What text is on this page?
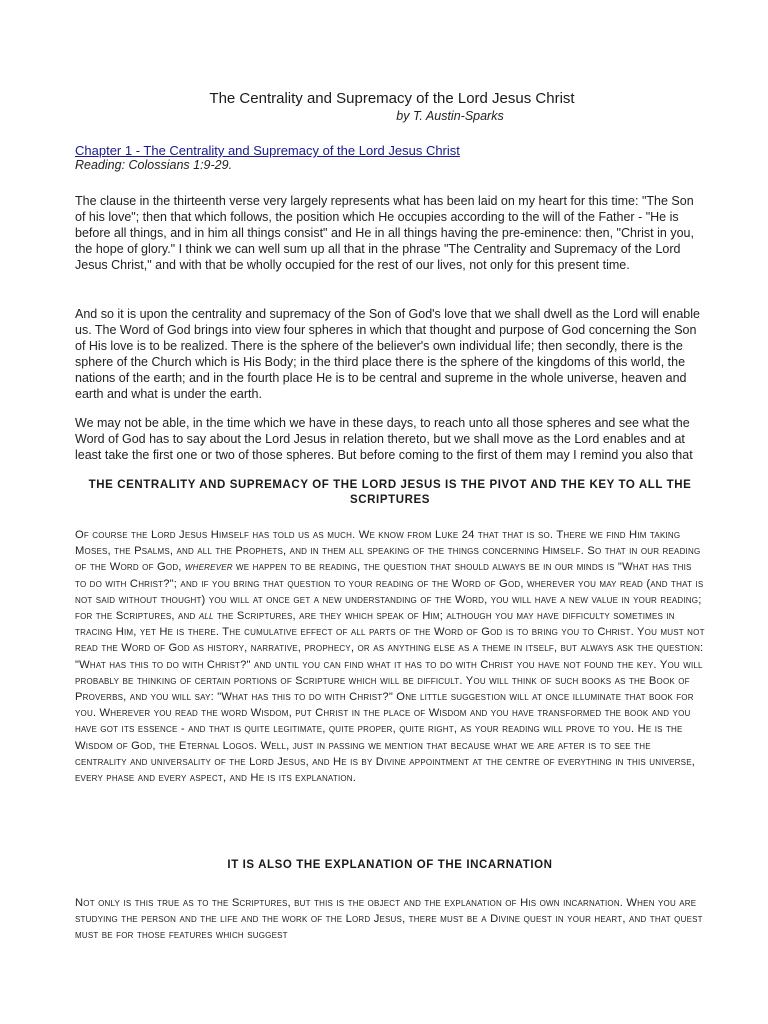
The Centrality and Supremacy of the Lord Jesus Christ
by T. Austin-Sparks
Chapter 1 - The Centrality and Supremacy of the Lord Jesus Christ
Reading: Colossians 1:9-29.

The clause in the thirteenth verse very largely represents what has been laid on my heart for this time: "The Son of his love"; then that which follows, the position which He occupies according to the will of the Father - "He is before all things, and in him all things consist" and He in all things having the pre-eminence: then, "Christ in you, the hope of glory." I think we can well sum up all that in the phrase "The Centrality and Supremacy of the Lord Jesus Christ," and with that be wholly occupied for the rest of our lives, not only for this present time.

And so it is upon the centrality and supremacy of the Son of God's love that we shall dwell as the Lord will enable us. The Word of God brings into view four spheres in which that thought and purpose of God concerning the Son of His love is to be realized. There is the sphere of the believer's own individual life; then secondly, there is the sphere of the Church which is His Body; in the third place there is the sphere of the kingdoms of this world, the nations of the earth; and in the fourth place He is to be central and supreme in the whole universe, heaven and earth and what is under the earth.

We may not be able, in the time which we have in these days, to reach unto all those spheres and see what the Word of God has to say about the Lord Jesus in relation thereto, but we shall move as the Lord enables and at least take the first one or two of those spheres. But before coming to the first of them may I remind you also that

THE CENTRALITY AND SUPREMACY OF THE LORD JESUS IS THE PIVOT AND THE KEY TO ALL THE SCRIPTURES

Of course the Lord Jesus Himself has told us as much. We know from Luke 24 that that is so. There we find Him taking Moses, the Psalms, and all the Prophets, and in them all speaking of the things concerning Himself. So that in our reading of the Word of God, wherever we happen to be reading, the question that should always be in our minds is "What has this to do with Christ?"; and if you bring that question to your reading of the Word of God, wherever you may read (and that is not said without thought) you will at once get a new understanding of the Word, you will have a new value in your reading; for the Scriptures, and all the Scriptures, are they which speak of Him; although you may have difficulty sometimes in tracing Him, yet He is there. The cumulative effect of all parts of the Word of God is to bring you to Christ. You must not read the Word of God as history, narrative, prophecy, or as anything else as a theme in itself, but always ask the question: "What has this to do with Christ?" and until you can find what it has to do with Christ you have not found the key. You will probably be thinking of certain portions of Scripture which will be difficult. You will think of such books as the Book of Proverbs, and you will say: "What has this to do with Christ?" One little suggestion will at once illuminate that book for you. Wherever you read the word Wisdom, put Christ in the place of Wisdom and you have transformed the book and you have got its essence - and that is quite legitimate, quite proper, quite right, as your reading will prove to you. He is the Wisdom of God, the Eternal Logos. Well, just in passing we mention that because what we are after is to see the centrality and universality of the Lord Jesus, and He is by Divine appointment at the centre of everything in this universe, every phase and every aspect, and He is its explanation.

IT IS ALSO THE EXPLANATION OF THE INCARNATION

Not only is this true as to the Scriptures, but this is the object and the explanation of His own incarnation. When you are studying the person and the life and the work of the Lord Jesus, there must be a Divine quest in your heart, and that quest must be for those features which suggest
